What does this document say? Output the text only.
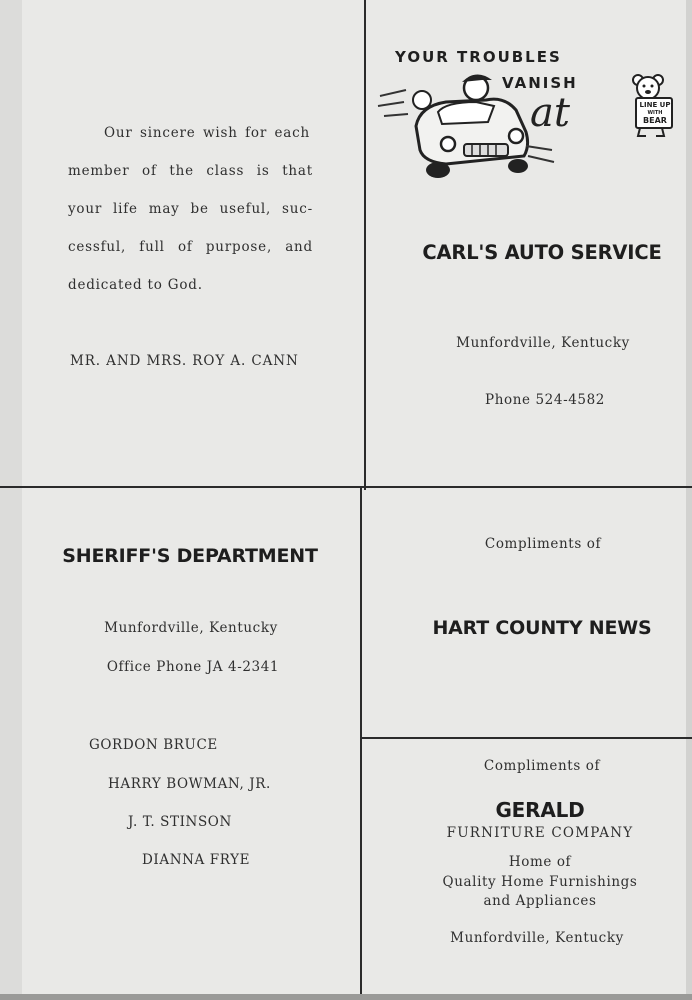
Our sincere wish for each
member of the class is that
your life may be useful, suc-
cessful, full of purpose, and
dedicated to God.
MR. AND MRS. ROY A. CANN
YOUR TROUBLES
VANISH
at	LINE UP
WITH
BEAR
CARL'S AUTO SERVICE
Munfordville, Kentucky
Phone 524-4582
SHERIFF'S DEPARTMENT
Munfordville, Kentucky
Office Phone JA 4-2341
GORDON BRUCE
HARRY BOWMAN, JR.
J. T. STINSON
DIANNA FRYE
Compliments of
HART COUNTY NEWS
Compliments of
GERALD
FURNITURE COMPANY
Home of
Quality Home Furnishings
and Appliances
Munfordville, Kentucky
